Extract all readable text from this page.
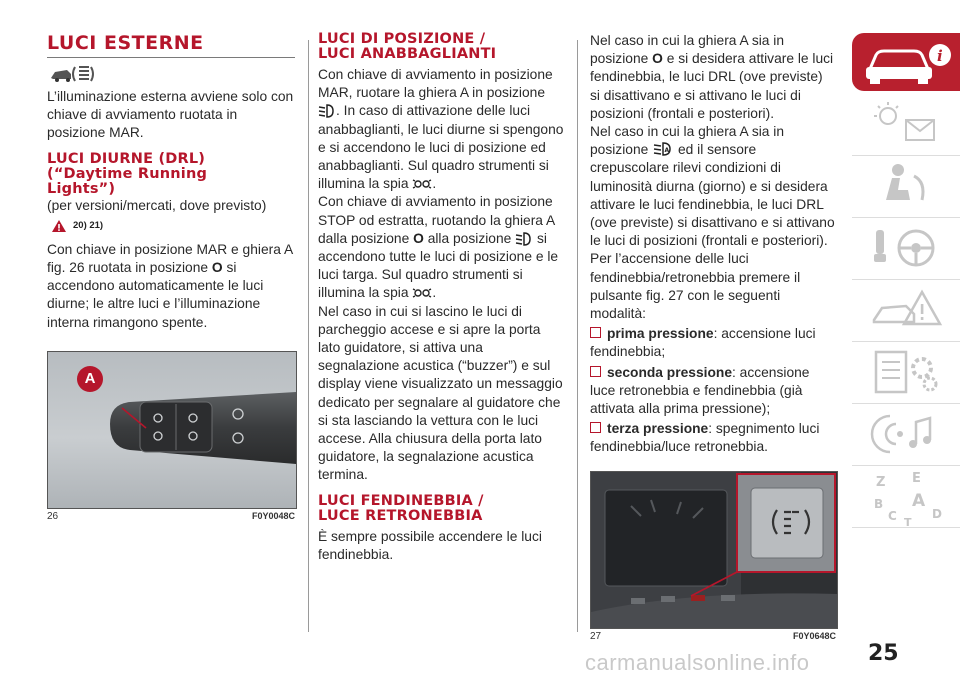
LUCI ESTERNE

L’illuminazione esterna avviene solo con chiave di avviamento ruotata in posizione MAR.

LUCI DIURNE (DRL)
(“Daytime Running
Lights”)

(per versioni/mercati, dove previsto)

20) 21)

Con chiave in posizione MAR e ghiera A fig. 26 ruotata in posizione O si accendono automaticamente le luci diurne; le altre luci e l’illuminazione interna rimangono spente.

A
26	F0Y0048C
LUCI DI POSIZIONE /
LUCI ANABBAGLIANTI

Con chiave di avviamento in posizione MAR, ruotare la ghiera A in posizione . In caso di attivazione delle luci anabbaglianti, le luci diurne si spengono e si accendono le luci di posizione ed anabbaglianti. Sul quadro strumenti si illumina la spia .

Con chiave di avviamento in posizione STOP od estratta, ruotando la ghiera A dalla posizione O alla posizione  si accendono tutte le luci di posizione e le luci targa. Sul quadro strumenti si illumina la spia .

Nel caso in cui si lascino le luci di parcheggio accese e si apre la porta lato guidatore, si attiva una segnalazione acustica (“buzzer”) e sul display viene visualizzato un messaggio dedicato per segnalare al guidatore che si sta lasciando la vettura con le luci accese. Alla chiusura della porta lato guidatore, la segnalazione acustica termina.

LUCI FENDINEBBIA /
LUCE RETRONEBBIA

È sempre possibile accendere le luci fendinebbia.

Nel caso in cui la ghiera A sia in posizione O e si desidera attivare le luci fendinebbia, le luci DRL (ove previste) si disattivano e si attivano le luci di posizioni (frontali e posteriori).

Nel caso in cui la ghiera A sia in posizione A ed il sensore crepuscolare rilevi condizioni di luminosità diurna (giorno) e si desidera attivare le luci fendinebbia, le luci DRL (ove previste) si disattivano e si attivano le luci di posizioni (frontali e posteriori).

Per l’accensione delle luci fendinebbia/retronebbia premere il pulsante fig. 27 con le seguenti modalità:

prima pressione: accensione luci fendinebbia;

seconda pressione: accensione luce retronebbia e fendinebbia (già attivata alla prima pressione);

terza pressione: spegnimento luci fendinebbia/luce retronebbia.

27	F0Y0648C
i
Z E
B A
C	D
T
25
carmanualsonline.info
